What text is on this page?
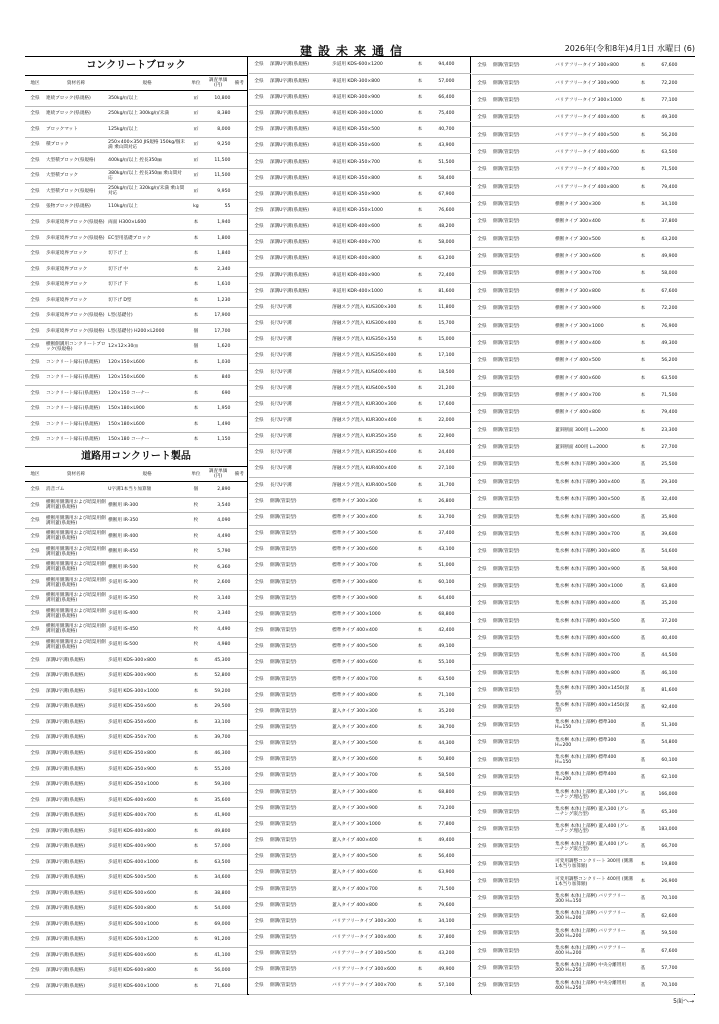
建設未来通信	2026年(令和8年)4月1日 水曜日 (6)
コンクリートブロック
地区	資材名称	規格	単位	調査単価(円)	備考
全県	連続ブロック(県規格)	350kg/㎡以上	㎡	10,800	
全県	連続ブロック(県規格)	250kg/㎡以上 300kg/㎡未満	㎡	8,380	
全県	ブロックマット	125kg/㎡以上	㎡	8,000	
全県	積ブロック	250×400×350 JIS規格 150kg/個未満 乗山間対応	㎡	9,250	
全県	大型積ブロック(県規格)	400kg/㎡以上 控長350㎜	㎡	11,500	
全県	大型積ブロック	380kg/㎡以上 控長350㎜ 乗山間対応	㎡	11,500	
全県	大型積ブロック(県規格)	250kg/㎡以上 320kg/㎡未満 乗山間対応	㎡	9,950	
全県	張物ブロック(県規格)	110kg/㎡以上	kg	55	
全県	歩車道境界ブロック(県規格)	両面 H300×L600	本	1,940	
全県	歩車道境界ブロック(県規格)	EC型用基礎ブロック	本	1,800	
全県	歩車道境界ブロック	切下げ 上	本	1,840	
全県	歩車道境界ブロック	切下げ 中	本	2,340	
全県	歩車道境界ブロック	切下げ 下	本	1,610	
全県	歩車道境界ブロック	切下げ D型	本	1,230	
全県	歩車道境界ブロック(県規格)	L型(基礎付)	本	17,900	
全県	歩車道境界ブロック(県規格)	L型(基礎付) H200×L2000	個	17,700	
全県	横断側溝用コンクリートブロック(県規格)	12×12×30㎝	個	1,620	
全県	コンクリート縁石(県規格)	120×150×L600	本	1,030	
全県	コンクリート縁石(県規格)	120×150×L600	本	840	
全県	コンクリート縁石(県規格)	120×150 コーナー	本	690	
全県	コンクリート縁石(県規格)	150×180×L900	本	1,950	
全県	コンクリート縁石(県規格)	150×180×L600	本	1,490	
全県	コンクリート縁石(県規格)	150×180 コーナー	本	1,150	
道路用コンクリート製品
地区	資材名称	規格	単位	調査単価(円)	備考
全県	消音ゴム	U字溝1本当り加算額	個	2,890	
全県	横断用側溝用および暗渠用側溝用蓋(県規格)	横断用 IR-300	枚	3,540	
全県	横断用側溝用および暗渠用側溝用蓋(県規格)	横断用 IR-350	枚	4,090	
全県	横断用側溝用および暗渠用側溝用蓋(県規格)	横断用 IR-400	枚	4,490	
全県	横断用側溝用および暗渠用側溝用蓋(県規格)	横断用 IR-450	枚	5,790	
全県	横断用側溝用および暗渠用側溝用蓋(県規格)	横断用 IR-500	枚	6,360	
全県	横断用側溝用および暗渠用側溝用蓋(県規格)	歩道用 IS-300	枚	2,600	
全県	横断用側溝用および暗渠用側溝用蓋(県規格)	歩道用 IS-350	枚	3,140	
全県	横断用側溝用および暗渠用側溝用蓋(県規格)	歩道用 IS-400	枚	3,340	
全県	横断用側溝用および暗渠用側溝用蓋(県規格)	歩道用 IS-450	枚	4,490	
全県	横断用側溝用および暗渠用側溝用蓋(県規格)	歩道用 IS-500	枚	4,980	
全県	深溝U字溝(県規格)	歩道用 KDS-300×800	本	45,300	
全県	深溝U字溝(県規格)	歩道用 KDS-300×900	本	52,800	
全県	深溝U字溝(県規格)	歩道用 KDS-300×1000	本	59,200	
全県	深溝U字溝(県規格)	歩道用 KDS-350×600	本	29,500	
全県	深溝U字溝(県規格)	歩道用 KDS-350×600	本	33,100	
全県	深溝U字溝(県規格)	歩道用 KDS-350×700	本	39,700	
全県	深溝U字溝(県規格)	歩道用 KDS-350×800	本	46,300	
全県	深溝U字溝(県規格)	歩道用 KDS-350×900	本	55,200	
全県	深溝U字溝(県規格)	歩道用 KDS-350×1000	本	59,300	
全県	深溝U字溝(県規格)	歩道用 KDS-400×600	本	35,600	
全県	深溝U字溝(県規格)	歩道用 KDS-400×700	本	41,900	
全県	深溝U字溝(県規格)	歩道用 KDS-400×800	本	49,800	
全県	深溝U字溝(県規格)	歩道用 KDS-400×900	本	57,000	
全県	深溝U字溝(県規格)	歩道用 KDS-400×1000	本	63,500	
全県	深溝U字溝(県規格)	歩道用 KDS-500×500	本	34,600	
全県	深溝U字溝(県規格)	歩道用 KDS-500×600	本	38,800	
全県	深溝U字溝(県規格)	歩道用 KDS-500×800	本	54,000	
全県	深溝U字溝(県規格)	歩道用 KDS-500×1000	本	69,000	
全県	深溝U字溝(県規格)	歩道用 KDS-500×1200	本	91,200	
全県	深溝U字溝(県規格)	歩道用 KDS-600×600	本	41,100	
全県	深溝U字溝(県規格)	歩道用 KDS-600×800	本	56,000	
全県	深溝U字溝(県規格)	歩道用 KDS-600×1000	本	71,600	
全県	深溝U字溝(県規格)	歩道用 KDS-600×1200	本	94,400	
全県	深溝U字溝(県規格)	車道用 KDR-300×800	本	57,000	
全県	深溝U字溝(県規格)	車道用 KDR-300×900	本	66,400	
全県	深溝U字溝(県規格)	車道用 KDR-300×1000	本	75,400	
全県	深溝U字溝(県規格)	車道用 KDR-350×500	本	40,700	
全県	深溝U字溝(県規格)	車道用 KDR-350×600	本	43,900	
全県	深溝U字溝(県規格)	車道用 KDR-350×700	本	51,500	
全県	深溝U字溝(県規格)	車道用 KDR-350×800	本	58,400	
全県	深溝U字溝(県規格)	車道用 KDR-350×900	本	67,900	
全県	深溝U字溝(県規格)	車道用 KDR-350×1000	本	76,600	
全県	深溝U字溝(県規格)	車道用 KDR-400×600	本	48,200	
全県	深溝U字溝(県規格)	車道用 KDR-400×700	本	58,000	
全県	深溝U字溝(県規格)	車道用 KDR-400×800	本	63,200	
全県	深溝U字溝(県規格)	車道用 KDR-400×900	本	72,400	
全県	深溝U字溝(県規格)	車道用 KDR-400×1000	本	81,600	
全県	長尺U字溝	溶融スラグ混入 KUS300×300	本	11,800	
全県	長尺U字溝	溶融スラグ混入 KUS300×400	本	15,700	
全県	長尺U字溝	溶融スラグ混入 KUS350×350	本	15,000	
全県	長尺U字溝	溶融スラグ混入 KUS350×400	本	17,100	
全県	長尺U字溝	溶融スラグ混入 KUS400×400	本	18,500	
全県	長尺U字溝	溶融スラグ混入 KUS400×500	本	21,200	
全県	長尺U字溝	溶融スラグ混入 KUR300×300	本	17,600	
全県	長尺U字溝	溶融スラグ混入 KUR300×400	本	22,000	
全県	長尺U字溝	溶融スラグ混入 KUR350×350	本	22,900	
全県	長尺U字溝	溶融スラグ混入 KUR350×400	本	24,400	
全県	長尺U字溝	溶融スラグ混入 KUR400×400	本	27,100	
全県	長尺U字溝	溶融スラグ混入 KUR400×500	本	31,700	
全県	側溝(管渠型)	標準タイプ 300×300	本	26,800	
全県	側溝(管渠型)	標準タイプ 300×400	本	33,700	
全県	側溝(管渠型)	標準タイプ 300×500	本	37,400	
全県	側溝(管渠型)	標準タイプ 300×600	本	43,100	
全県	側溝(管渠型)	標準タイプ 300×700	本	51,000	
全県	側溝(管渠型)	標準タイプ 300×800	本	60,100	
全県	側溝(管渠型)	標準タイプ 300×900	本	64,400	
全県	側溝(管渠型)	標準タイプ 300×1000	本	68,800	
全県	側溝(管渠型)	標準タイプ 400×400	本	42,400	
全県	側溝(管渠型)	標準タイプ 400×500	本	49,100	
全県	側溝(管渠型)	標準タイプ 400×600	本	55,100	
全県	側溝(管渠型)	標準タイプ 400×700	本	63,500	
全県	側溝(管渠型)	標準タイプ 400×800	本	71,100	
全県	側溝(管渠型)	蓋入タイプ 300×300	本	35,200	
全県	側溝(管渠型)	蓋入タイプ 300×400	本	38,700	
全県	側溝(管渠型)	蓋入タイプ 300×500	本	44,300	
全県	側溝(管渠型)	蓋入タイプ 300×600	本	50,800	
全県	側溝(管渠型)	蓋入タイプ 300×700	本	58,500	
全県	側溝(管渠型)	蓋入タイプ 300×800	本	68,800	
全県	側溝(管渠型)	蓋入タイプ 300×900	本	73,200	
全県	側溝(管渠型)	蓋入タイプ 300×1000	本	77,800	
全県	側溝(管渠型)	蓋入タイプ 400×400	本	49,400	
全県	側溝(管渠型)	蓋入タイプ 400×500	本	56,400	
全県	側溝(管渠型)	蓋入タイプ 400×600	本	63,900	
全県	側溝(管渠型)	蓋入タイプ 400×700	本	71,500	
全県	側溝(管渠型)	蓋入タイプ 400×800	本	79,600	
全県	側溝(管渠型)	バリアフリータイプ 300×300	本	34,100	
全県	側溝(管渠型)	バリアフリータイプ 300×400	本	37,800	
全県	側溝(管渠型)	バリアフリータイプ 300×500	本	43,200	
全県	側溝(管渠型)	バリアフリータイプ 300×600	本	49,900	
全県	側溝(管渠型)	バリアフリータイプ 300×700	本	57,100	
全県	側溝(管渠型)	バリアフリータイプ 300×800	本	67,600	
全県	側溝(管渠型)	バリアフリータイプ 300×900	本	72,200	
全県	側溝(管渠型)	バリアフリータイプ 300×1000	本	77,100	
全県	側溝(管渠型)	バリアフリータイプ 400×400	本	49,300	
全県	側溝(管渠型)	バリアフリータイプ 400×500	本	56,200	
全県	側溝(管渠型)	バリアフリータイプ 400×600	本	63,500	
全県	側溝(管渠型)	バリアフリータイプ 400×700	本	71,500	
全県	側溝(管渠型)	バリアフリータイプ 400×800	本	79,400	
全県	側溝(管渠型)	横断タイプ 300×300	本	34,100	
全県	側溝(管渠型)	横断タイプ 300×400	本	37,800	
全県	側溝(管渠型)	横断タイプ 300×500	本	43,200	
全県	側溝(管渠型)	横断タイプ 300×600	本	49,900	
全県	側溝(管渠型)	横断タイプ 300×700	本	58,000	
全県	側溝(管渠型)	横断タイプ 300×800	本	67,600	
全県	側溝(管渠型)	横断タイプ 300×900	本	72,200	
全県	側溝(管渠型)	横断タイプ 300×1000	本	76,900	
全県	側溝(管渠型)	横断タイプ 400×400	本	49,300	
全県	側溝(管渠型)	横断タイプ 400×500	本	56,200	
全県	側溝(管渠型)	横断タイプ 400×600	本	63,500	
全県	側溝(管渠型)	横断タイプ 400×700	本	71,500	
全県	側溝(管渠型)	横断タイプ 400×800	本	79,400	
全県	側溝(管渠型)	蓋斜断面 300用 L=2000	本	23,300	
全県	側溝(管渠型)	蓋斜断面 400用 L=2000	本	27,700	
全県	側溝(管渠型)	集水桝 本体(下部桝) 300×300	基	25,500	
全県	側溝(管渠型)	集水桝 本体(下部桝) 300×400	基	29,300	
全県	側溝(管渠型)	集水桝 本体(下部桝) 300×500	基	32,400	
全県	側溝(管渠型)	集水桝 本体(下部桝) 300×600	基	35,900	
全県	側溝(管渠型)	集水桝 本体(下部桝) 300×700	基	39,600	
全県	側溝(管渠型)	集水桝 本体(下部桝) 300×800	基	54,600	
全県	側溝(管渠型)	集水桝 本体(下部桝) 300×900	基	58,900	
全県	側溝(管渠型)	集水桝 本体(下部桝) 300×1000	基	63,800	
全県	側溝(管渠型)	集水桝 本体(下部桝) 400×400	基	35,200	
全県	側溝(管渠型)	集水桝 本体(下部桝) 400×500	基	37,200	
全県	側溝(管渠型)	集水桝 本体(下部桝) 400×600	基	40,400	
全県	側溝(管渠型)	集水桝 本体(下部桝) 400×700	基	44,500	
全県	側溝(管渠型)	集水桝 本体(下部桝) 400×800	基	46,100	
全県	側溝(管渠型)	集水桝 本体(下部桝) 300×1450(深型)	基	81,600	
全県	側溝(管渠型)	集水桝 本体(下部桝) 400×1450(深型)	基	92,400	
全県	側溝(管渠型)	集水桝 本体(上部桝) 標準300 H=150	基	51,300	
全県	側溝(管渠型)	集水桝 本体(上部桝) 標準300 H=200	基	54,800	
全県	側溝(管渠型)	集水桝 本体(上部桝) 標準400 H=150	基	60,100	
全県	側溝(管渠型)	集水桝 本体(上部桝) 標準400 H=200	基	62,100	
全県	側溝(管渠型)	集水桝 本体(上部桝) 蓋入300 (グレーチング埋込型)	基	166,000	
全県	側溝(管渠型)	集水桝 本体(上部桝) 蓋入300 (グレーチング嵌合型)	基	65,300	
全県	側溝(管渠型)	集水桝 本体(上部桝) 蓋入400 (グレーチング埋込型)	基	183,000	
全県	側溝(管渠型)	集水桝 本体(上部桝) 蓋入400 (グレーチング嵌合型)	基	66,700	
全県	側溝(管渠型)	可変用調整コンクリート 300用 (側溝1本当り加算額)	本	19,800	
全県	側溝(管渠型)	可変用調整コンクリート 400用 (側溝1本当り加算額)	本	26,900	
全県	側溝(管渠型)	集水桝 本体(上部桝) バリアフリー300 H=150	基	70,100	
全県	側溝(管渠型)	集水桝 本体(上部桝) バリアフリー300 H=200	基	62,600	
全県	側溝(管渠型)	集水桝 本体(上部桝) バリアフリー300 H=200	基	59,500	
全県	側溝(管渠型)	集水桝 本体(上部桝) バリアフリー400 H=200	基	67,600	
全県	側溝(管渠型)	集水桝 本体(上部桝) 中央分離帯用 300 H=250	基	57,700	
全県	側溝(管渠型)	集水桝 本体(上部桝) 中央分離帯用 400 H=250	基	70,100	
5面へ→
